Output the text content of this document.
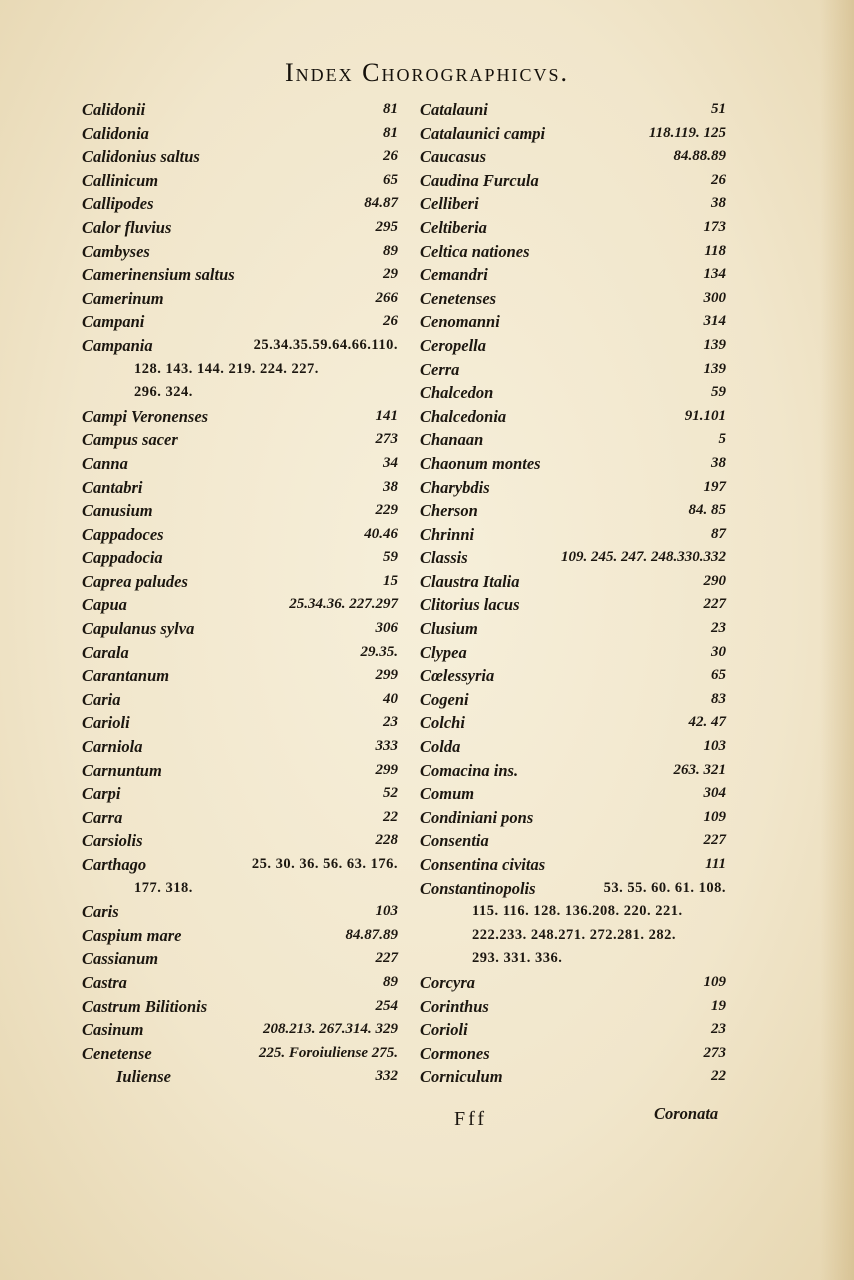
Index Chorographicvs.
Calidonii	81
Calidonia	81
Calidonius saltus	26
Callinicum	65
Callipodes	84.87
Calor fluvius	295
Cambyses	89
Camerinensium saltus	29
Camerinum	266
Campani	26
Campania	25.34.35.59.64.66.110.
128. 143. 144. 219. 224. 227.
296. 324.
Campi Veronenses	141
Campus sacer	273
Canna	34
Cantabri	38
Canusium	229
Cappadoces	40.46
Cappadocia	59
Caprea paludes	15
Capua	25.34.36. 227.297
Capulanus sylva	306
Carala	29.35.
Carantanum	299
Caria	40
Carioli	23
Carniola	333
Carnuntum	299
Carpi	52
Carra	22
Carsiolis	228
Carthago	25. 30. 36. 56. 63. 176.
177. 318.
Caris	103
Caspium mare	84.87.89
Cassianum	227
Castra	89
Castrum Bilitionis	254
Casinum	208.213. 267.314. 329
Cenetense	225. Foroiuliense 275.
Iuliense	332
Catalauni	51
Catalaunici campi	118.119. 125
Caucasus	84.88.89
Caudina Furcula	26
Celliberi	38
Celtiberia	173
Celtica nationes	118
Cemandri	134
Cenetenses	300
Cenomanni	314
Ceropella	139
Cerra	139
Chalcedon	59
Chalcedonia	91.101
Chanaan	5
Chaonum montes	38
Charybdis	197
Cherson	84. 85
Chrinni	87
Classis	109. 245. 247. 248.330.332
Claustra Italia	290
Clitorius lacus	227
Clusium	23
Clypea	30
Cœlessyria	65
Cogeni	83
Colchi	42. 47
Colda	103
Comacina ins.	263. 321
Comum	304
Condiniani pons	109
Consentia	227
Consentina civitas	111
Constantinopolis	53. 55. 60. 61. 108.
115. 116. 128. 136.208. 220. 221.
222.233. 248.271. 272.281. 282.
293. 331. 336.
Corcyra	109
Corinthus	19
Corioli	23
Cormones	273
Corniculum	22
Fff	Coronata
